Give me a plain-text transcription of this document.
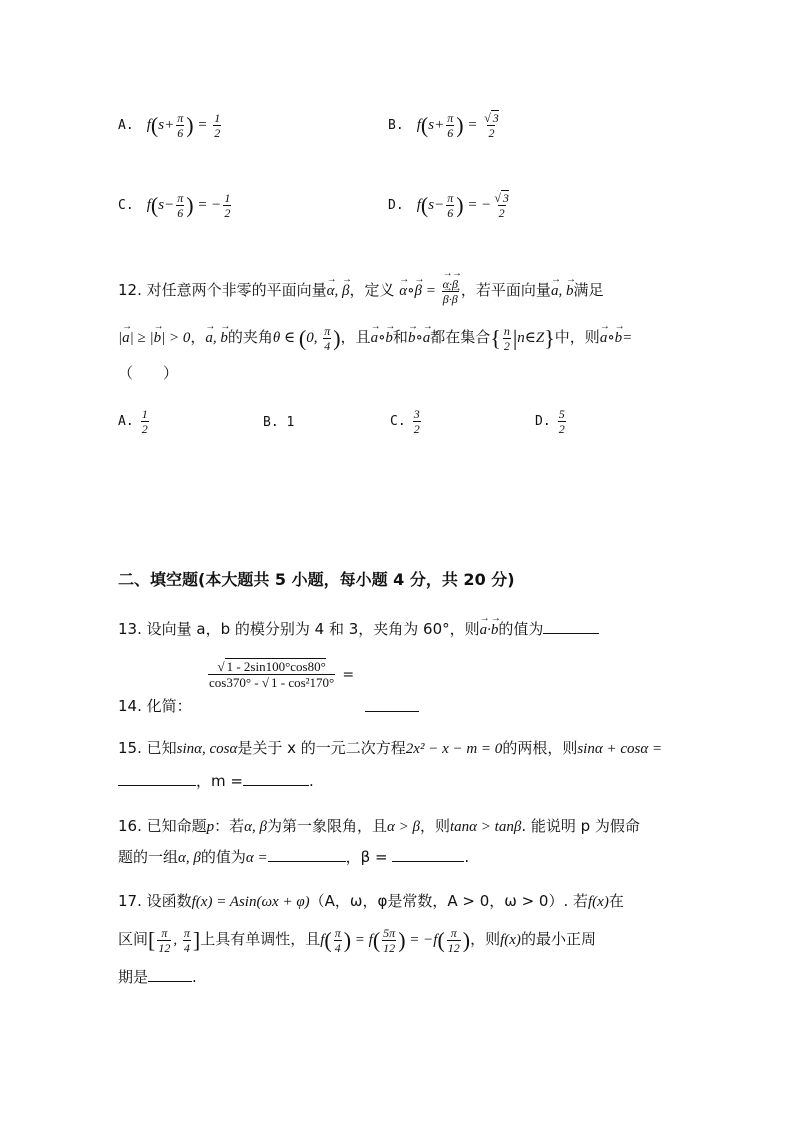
A. $f(s+ \frac{\pi}{6}$ ) = $\frac{1}{2}$	B. $f(s+ \frac{\pi}{6}$ ) = $\frac{√ 3}{2}$
C. $f(s- \frac{\pi}{6}$ ) = − $\frac{1}{2}$	D. $f(s- \frac{\pi}{6}$ ) = − $\frac{√ 3}{2}$
12. 对任意两个非零的平面向量→ α, → β，定义 → α∘→ β = → α·→ β
→ β·→ β ，若平面向量→ a, → b满足
|→ a| ≥ |→ b| > 0，→ a, → b的夹角θ ∈ (0, $\frac{\pi}{4}$ )，且→ a∘→ b和→ b∘→ a都在集合{ $\frac{n}{2}$ |n∈Z}中，则→ a∘→ b=
（　　）
A. $\frac{1}{2}$	B. 1	C. $\frac{3}{2}$	D. $\frac{5}{2}$
二、填空题(本大题共 5 小题，每小题 4 分，共 20 分)
13. 设向量 a，b 的模分别为 4 和 3，夹角为 60°，则→ a·→ b的值为
14. 化简：
$\frac{√ 1 - 2\sin 100^\circ\cos 80^\circ}{\text{cos370° - √ 1 - cos²170°}}$ =
15. 已知sinα, cosα是关于 x 的一元二次方程2x² − x − m = 0的两根，则sinα + cosα =
，m =	.
16. 已知命题p：若α, β为第一象限角，且α > β，则tanα > tanβ. 能说明 p 为假命
题的一组α, β的值为α =	，β =	.
17. 设函数f(x) = Asin(ωx + φ)（A，ω，φ是常数，A > 0，ω > 0）. 若f(x)在
区间[ $\frac{\pi}{12}$ , $\frac{\pi}{4}$ ]上具有单调性，且$f( \frac{\pi}{4}$ ) = $f( \frac{5\pi}{12}$ ) = $-f( \frac{\pi}{12}$ )，则f(x)的最小正周
期是	.
